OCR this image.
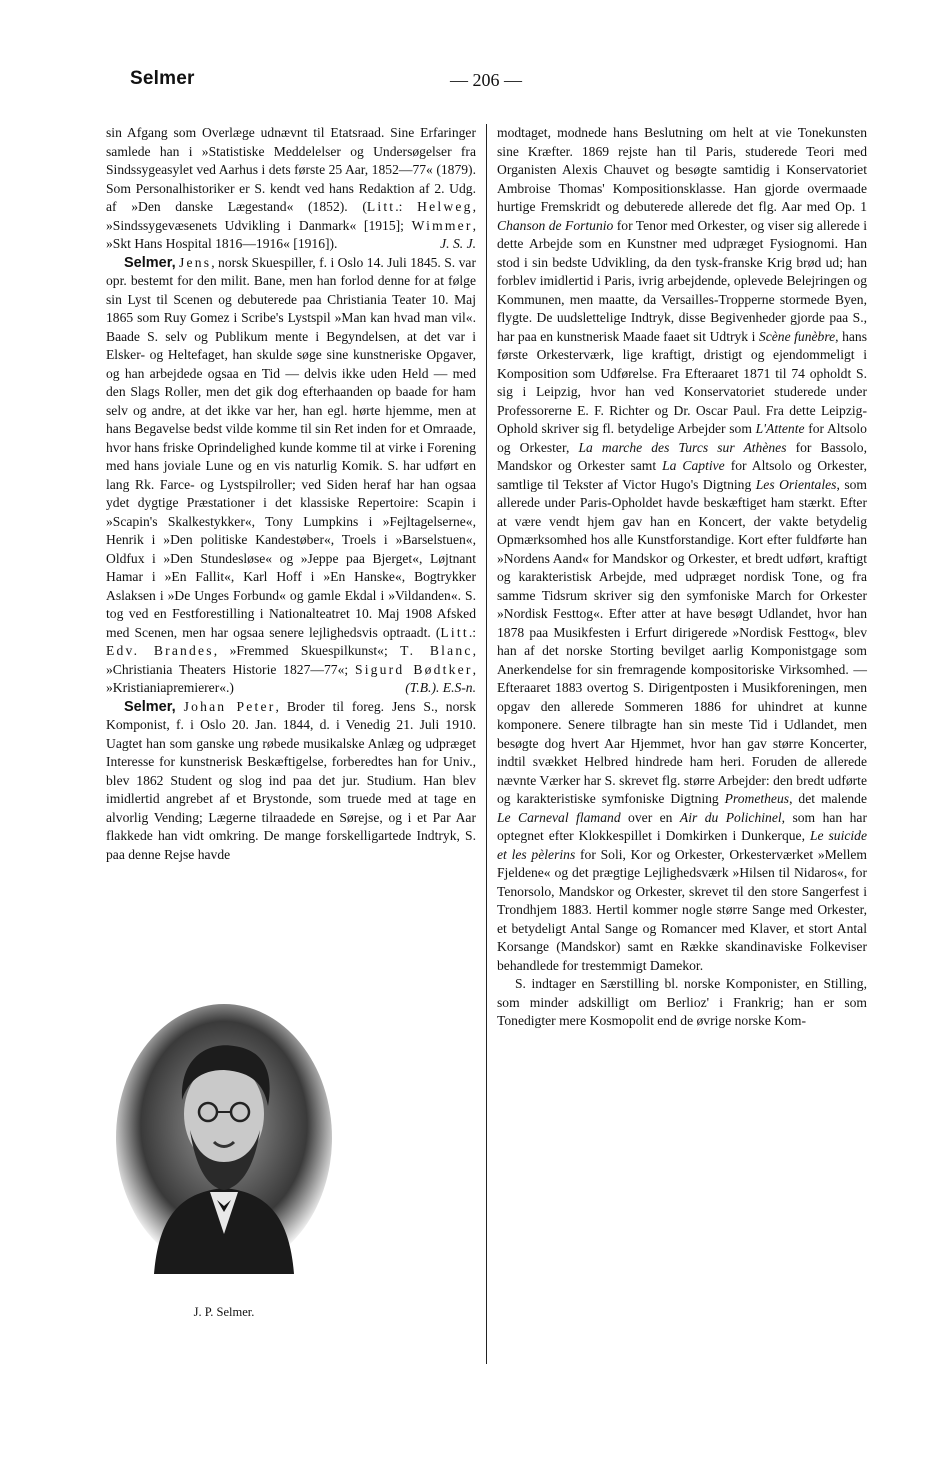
Selmer	— 206 —

sin Afgang som Overlæge udnævnt til Etatsraad. Sine Erfaringer samlede han i »Statistiske Meddelelser og Undersøgelser fra Sindssygeasylet ved Aarhus i dets første 25 Aar, 1852—77« (1879). Som Personalhistoriker er S. kendt ved hans Redaktion af 2. Udg. af »Den danske Lægestand« (1852). (Litt.: Helweg, »Sindssygevæsenets Udvikling i Danmark« [1915]; Wimmer, »Skt Hans Hospital 1816—1916« [1916]).	J. S. J.

Selmer, Jens, norsk Skuespiller, f. i Oslo 14. Juli 1845. S. var opr. bestemt for den milit. Bane, men han forlod denne for at følge sin Lyst til Scenen og debuterede paa Christiania Teater 10. Maj 1865 som Ruy Gomez i Scribe's Lystspil »Man kan hvad man vil«. Baade S. selv og Publikum mente i Begyndelsen, at det var i Elsker- og Heltefaget, han skulde søge sine kunstneriske Opgaver, og han arbejdede ogsaa en Tid — delvis ikke uden Held — med den Slags Roller, men det gik dog efterhaanden op baade for ham selv og andre, at det ikke var her, han egl. hørte hjemme, men at hans Begavelse bedst vilde komme til sin Ret inden for et Omraade, hvor hans friske Oprindelighed kunde komme til at virke i Forening med hans joviale Lune og en vis naturlig Komik. S. har udført en lang Rk. Farce- og Lystspilroller; ved Siden heraf har han ogsaa ydet dygtige Præstationer i det klassiske Repertoire: Scapin i »Scapin's Skalkestykker«, Tony Lumpkins i »Fejltagelserne«, Henrik i »Den politiske Kandestøber«, Troels i »Barselstuen«, Oldfux i »Den Stundesløse« og »Jeppe paa Bjerget«, Løjtnant Hamar i »En Fallit«, Karl Hoff i »En Hanske«, Bogtrykker Aslaksen i »De Unges Forbund« og gamle Ekdal i »Vildanden«. S. tog ved en Festforestilling i Nationalteatret 10. Maj 1908 Afsked med Scenen, men har ogsaa senere lejlighedsvis optraadt. (Litt.: Edv. Brandes, »Fremmed Skuespilkunst«; T. Blanc, »Christiania Theaters Historie 1827—77«; Sigurd Bødtker, »Kristianiapremierer«.)	(T.B.). E.S-n.

Selmer, Johan Peter, Broder til foreg. Jens S., norsk Komponist, f. i Oslo 20. Jan. 1844, d. i Venedig 21. Juli 1910. Uagtet han som ganske ung røbede musikalske Anlæg og udpræget Interesse for kunstnerisk Beskæftigelse, forberedtes han for Univ., blev 1862 Student og slog ind paa det jur. Studium. Han blev imidlertid angrebet af et Brystonde, som truede med at tage en alvorlig Vending; Lægerne tilraadede en Sørejse, og i et Par Aar flakkede han vidt omkring. De mange forskelligartede Indtryk, S. paa denne Rejse havde

J. P. Selmer.

modtaget, modnede hans Beslutning om helt at vie Tonekunsten sine Kræfter. 1869 rejste han til Paris, studerede Teori med Organisten Alexis Chauvet og besøgte samtidig i Konservatoriet Ambroise Thomas' Kompositionsklasse. Han gjorde overmaade hurtige Fremskridt og debuterede allerede det flg. Aar med Op. 1 Chanson de Fortunio for Tenor med Orkester, og viser sig allerede i dette Arbejde som en Kunstner med udpræget Fysiognomi. Han stod i sin bedste Udvikling, da den tysk-franske Krig brød ud; han forblev imidlertid i Paris, ivrig arbejdende, oplevede Belejringen og Kommunen, men maatte, da Versailles-Tropperne stormede Byen, flygte. De uudslettelige Indtryk, disse Begivenheder gjorde paa S., har paa en kunstnerisk Maade faaet sit Udtryk i Scène funèbre, hans første Orkesterværk, lige kraftigt, dristigt og ejendommeligt i Komposition som Udførelse. Fra Efteraaret 1871 til 74 opholdt S. sig i Leipzig, hvor han ved Konservatoriet studerede under Professorerne E. F. Richter og Dr. Oscar Paul. Fra dette Leipzig-Ophold skriver sig fl. betydelige Arbejder som L'Attente for Altsolo og Orkester, La marche des Turcs sur Athènes for Bassolo, Mandskor og Orkester samt La Captive for Altsolo og Orkester, samtlige til Tekster af Victor Hugo's Digtning Les Orientales, som allerede under Paris-Opholdet havde beskæftiget ham stærkt. Efter at være vendt hjem gav han en Koncert, der vakte betydelig Opmærksomhed hos alle Kunstforstandige. Kort efter fuldførte han »Nordens Aand« for Mandskor og Orkester, et bredt udført, kraftigt og karakteristisk Arbejde, med udpræget nordisk Tone, og fra samme Tidsrum skriver sig den symfoniske March for Orkester »Nordisk Festtog«. Efter atter at have besøgt Udlandet, hvor han 1878 paa Musikfesten i Erfurt dirigerede »Nordisk Festtog«, blev han af det norske Storting bevilget aarlig Komponistgage som Anerkendelse for sin fremragende kompositoriske Virksomhed. — Efteraaret 1883 overtog S. Dirigentposten i Musikforeningen, men opgav den allerede Sommeren 1886 for uhindret at kunne komponere. Senere tilbragte han sin meste Tid i Udlandet, men besøgte dog hvert Aar Hjemmet, hvor han gav større Koncerter, indtil svækket Helbred hindrede ham heri. Foruden de allerede nævnte Værker har S. skrevet flg. større Arbejder: den bredt udførte og karakteristiske symfoniske Digtning Prometheus, det malende Le Carneval flamand over en Air du Polichinel, som han har optegnet efter Klokkespillet i Domkirken i Dunkerque, Le suicide et les pèlerins for Soli, Kor og Orkester, Orkesterværket »Mellem Fjeldene« og det prægtige Lejlighedsværk »Hilsen til Nidaros«, for Tenorsolo, Mandskor og Orkester, skrevet til den store Sangerfest i Trondhjem 1883. Hertil kommer nogle større Sange med Orkester, et betydeligt Antal Sange og Romancer med Klaver, et stort Antal Korsange (Mandskor) samt en Række skandinaviske Folkeviser behandlede for trestemmigt Damekor.

S. indtager en Særstilling bl. norske Komponister, en Stilling, som minder adskilligt om Berlioz' i Frankrig; han er som Tonedigter mere Kosmopolit end de øvrige norske Kom-
